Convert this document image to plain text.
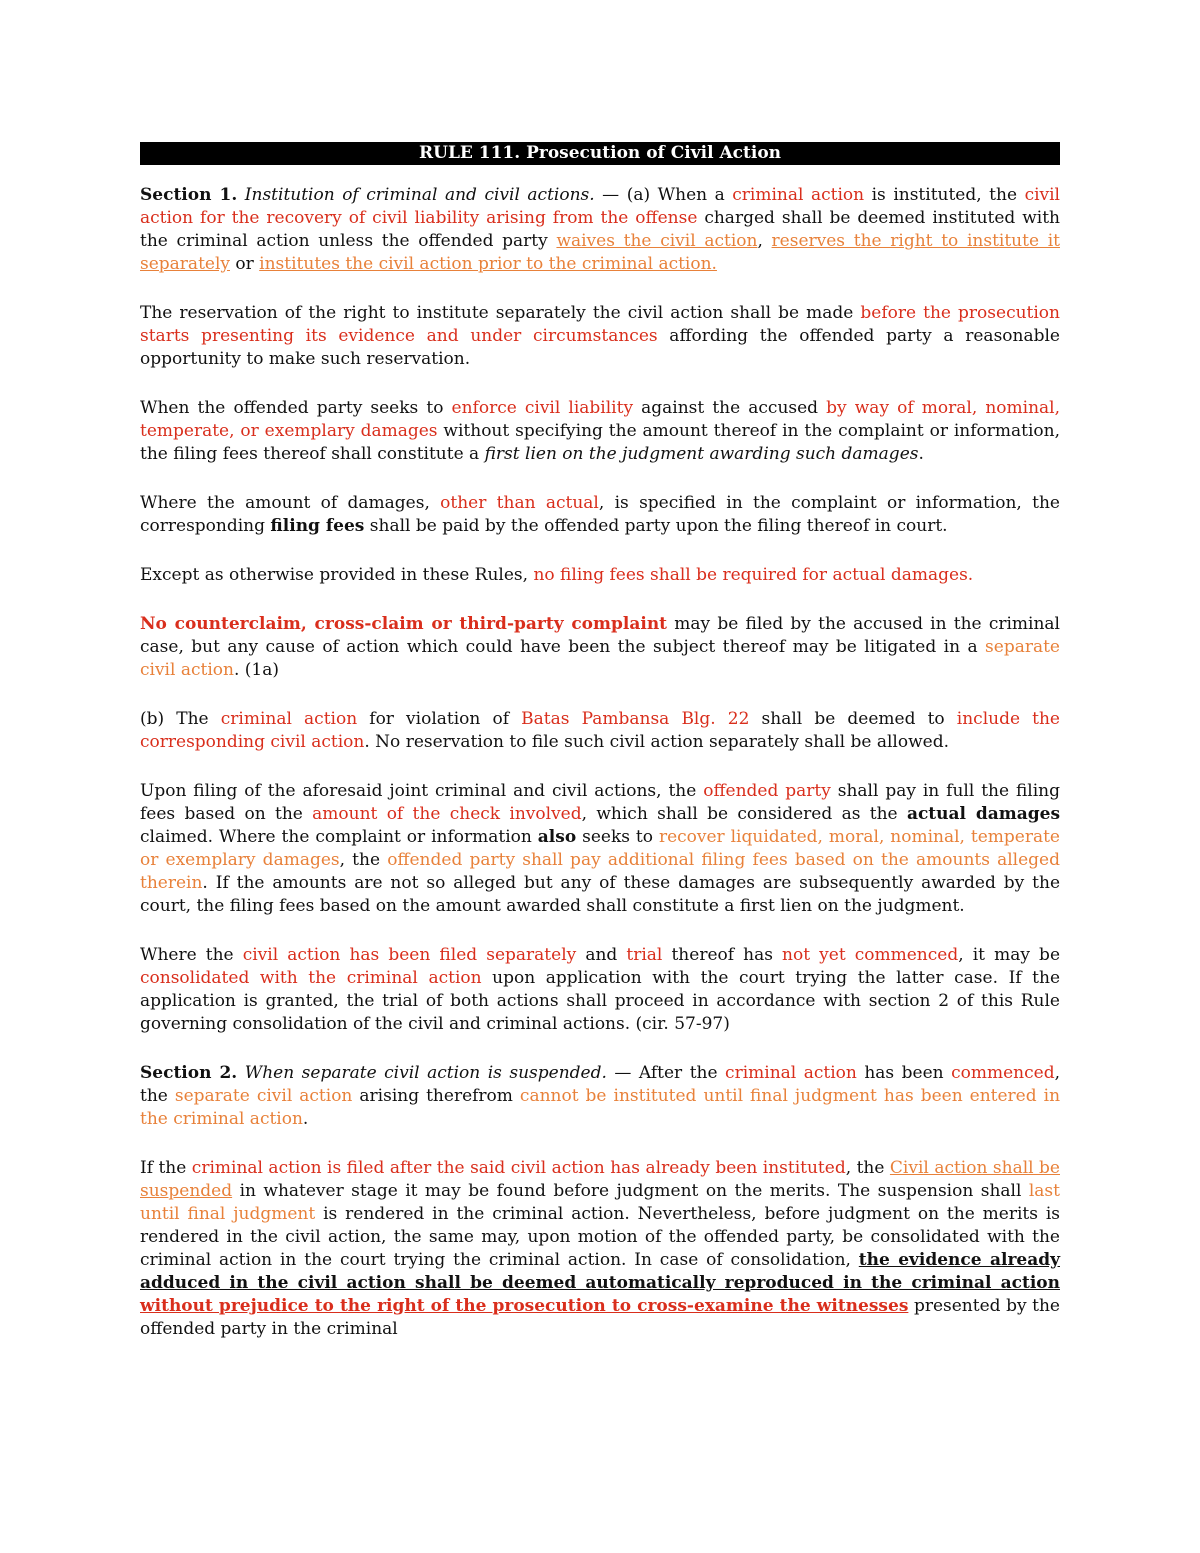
RULE 111. Prosecution of Civil Action

Section 1. Institution of criminal and civil actions. — (a) When a criminal action is instituted, the civil action for the recovery of civil liability arising from the offense charged shall be deemed instituted with the criminal action unless the offended party waives the civil action, reserves the right to institute it separately or institutes the civil action prior to the criminal action.

The reservation of the right to institute separately the civil action shall be made before the prosecution starts presenting its evidence and under circumstances affording the offended party a reasonable opportunity to make such reservation.

When the offended party seeks to enforce civil liability against the accused by way of moral, nominal, temperate, or exemplary damages without specifying the amount thereof in the complaint or information, the filing fees thereof shall constitute a first lien on the judgment awarding such damages.

Where the amount of damages, other than actual, is specified in the complaint or information, the corresponding filing fees shall be paid by the offended party upon the filing thereof in court.

Except as otherwise provided in these Rules, no filing fees shall be required for actual damages.

No counterclaim, cross-claim or third-party complaint may be filed by the accused in the criminal case, but any cause of action which could have been the subject thereof may be litigated in a separate civil action. (1a)

(b) The criminal action for violation of Batas Pambansa Blg. 22 shall be deemed to include the corresponding civil action. No reservation to file such civil action separately shall be allowed.

Upon filing of the aforesaid joint criminal and civil actions, the offended party shall pay in full the filing fees based on the amount of the check involved, which shall be considered as the actual damages claimed. Where the complaint or information also seeks to recover liquidated, moral, nominal, temperate or exemplary damages, the offended party shall pay additional filing fees based on the amounts alleged therein. If the amounts are not so alleged but any of these damages are subsequently awarded by the court, the filing fees based on the amount awarded shall constitute a first lien on the judgment.

Where the civil action has been filed separately and trial thereof has not yet commenced, it may be consolidated with the criminal action upon application with the court trying the latter case. If the application is granted, the trial of both actions shall proceed in accordance with section 2 of this Rule governing consolidation of the civil and criminal actions. (cir. 57-97)

Section 2. When separate civil action is suspended. — After the criminal action has been commenced, the separate civil action arising therefrom cannot be instituted until final judgment has been entered in the criminal action.

If the criminal action is filed after the said civil action has already been instituted, the Civil action shall be suspended in whatever stage it may be found before judgment on the merits. The suspension shall last until final judgment is rendered in the criminal action. Nevertheless, before judgment on the merits is rendered in the civil action, the same may, upon motion of the offended party, be consolidated with the criminal action in the court trying the criminal action. In case of consolidation, the evidence already adduced in the civil action shall be deemed automatically reproduced in the criminal action without prejudice to the right of the prosecution to cross-examine the witnesses presented by the offended party in the criminal
